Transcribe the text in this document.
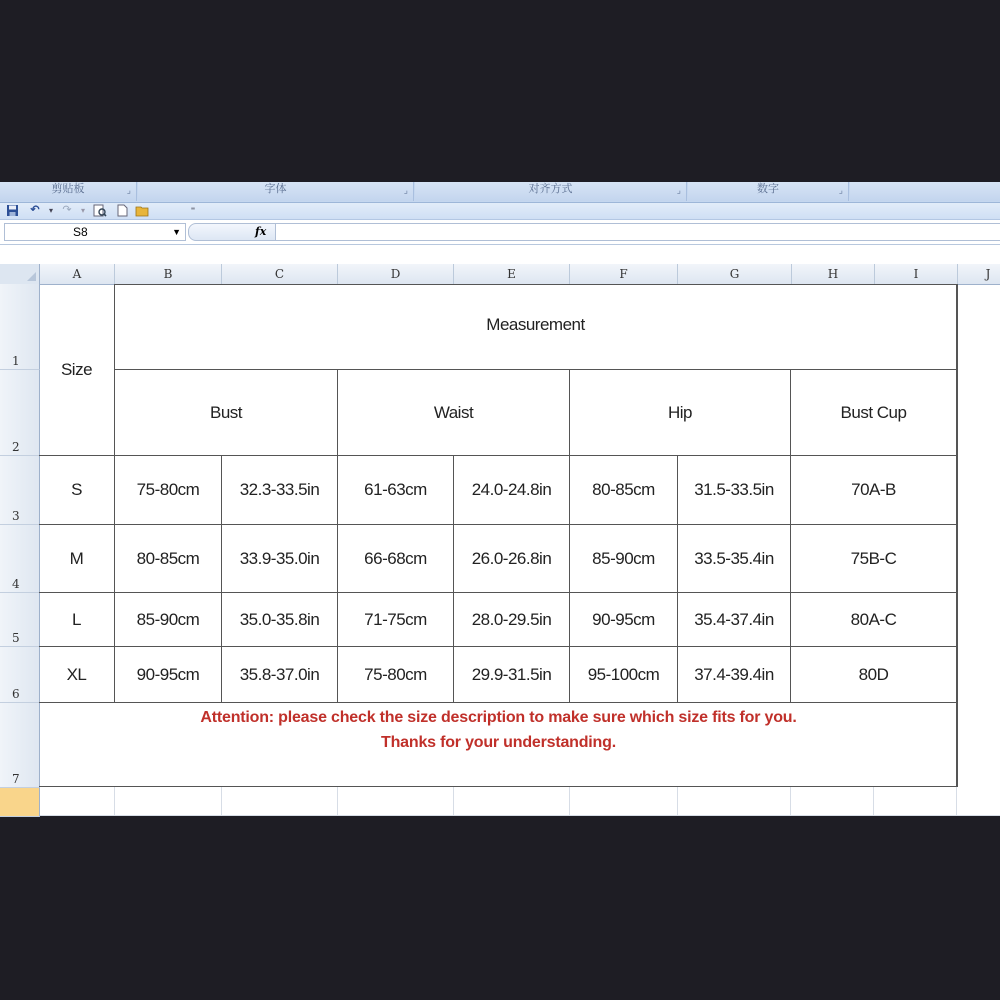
剪贴板	⌟	字体	⌟	对齐方式	⌟	数字	⌟
↶	▾ ↷	▾	⁼
S8	▼	fx
A	B	C	D	E	F	G	H	I	J
1
2
3
4
5
6
7
Size
Measurement
Bust	Waist	Hip	Bust Cup
S	75-80cm	32.3-33.5in	61-63cm	24.0-24.8in	80-85cm	31.5-33.5in	70A-B
M	80-85cm	33.9-35.0in	66-68cm	26.0-26.8in	85-90cm	33.5-35.4in	75B-C
L	85-90cm	35.0-35.8in	71-75cm	28.0-29.5in	90-95cm	35.4-37.4in	80A-C
XL	90-95cm	35.8-37.0in	75-80cm	29.9-31.5in	95-100cm	37.4-39.4in	80D
Attention: please check the size description to make sure which size fits for you.
Thanks for your understanding.
